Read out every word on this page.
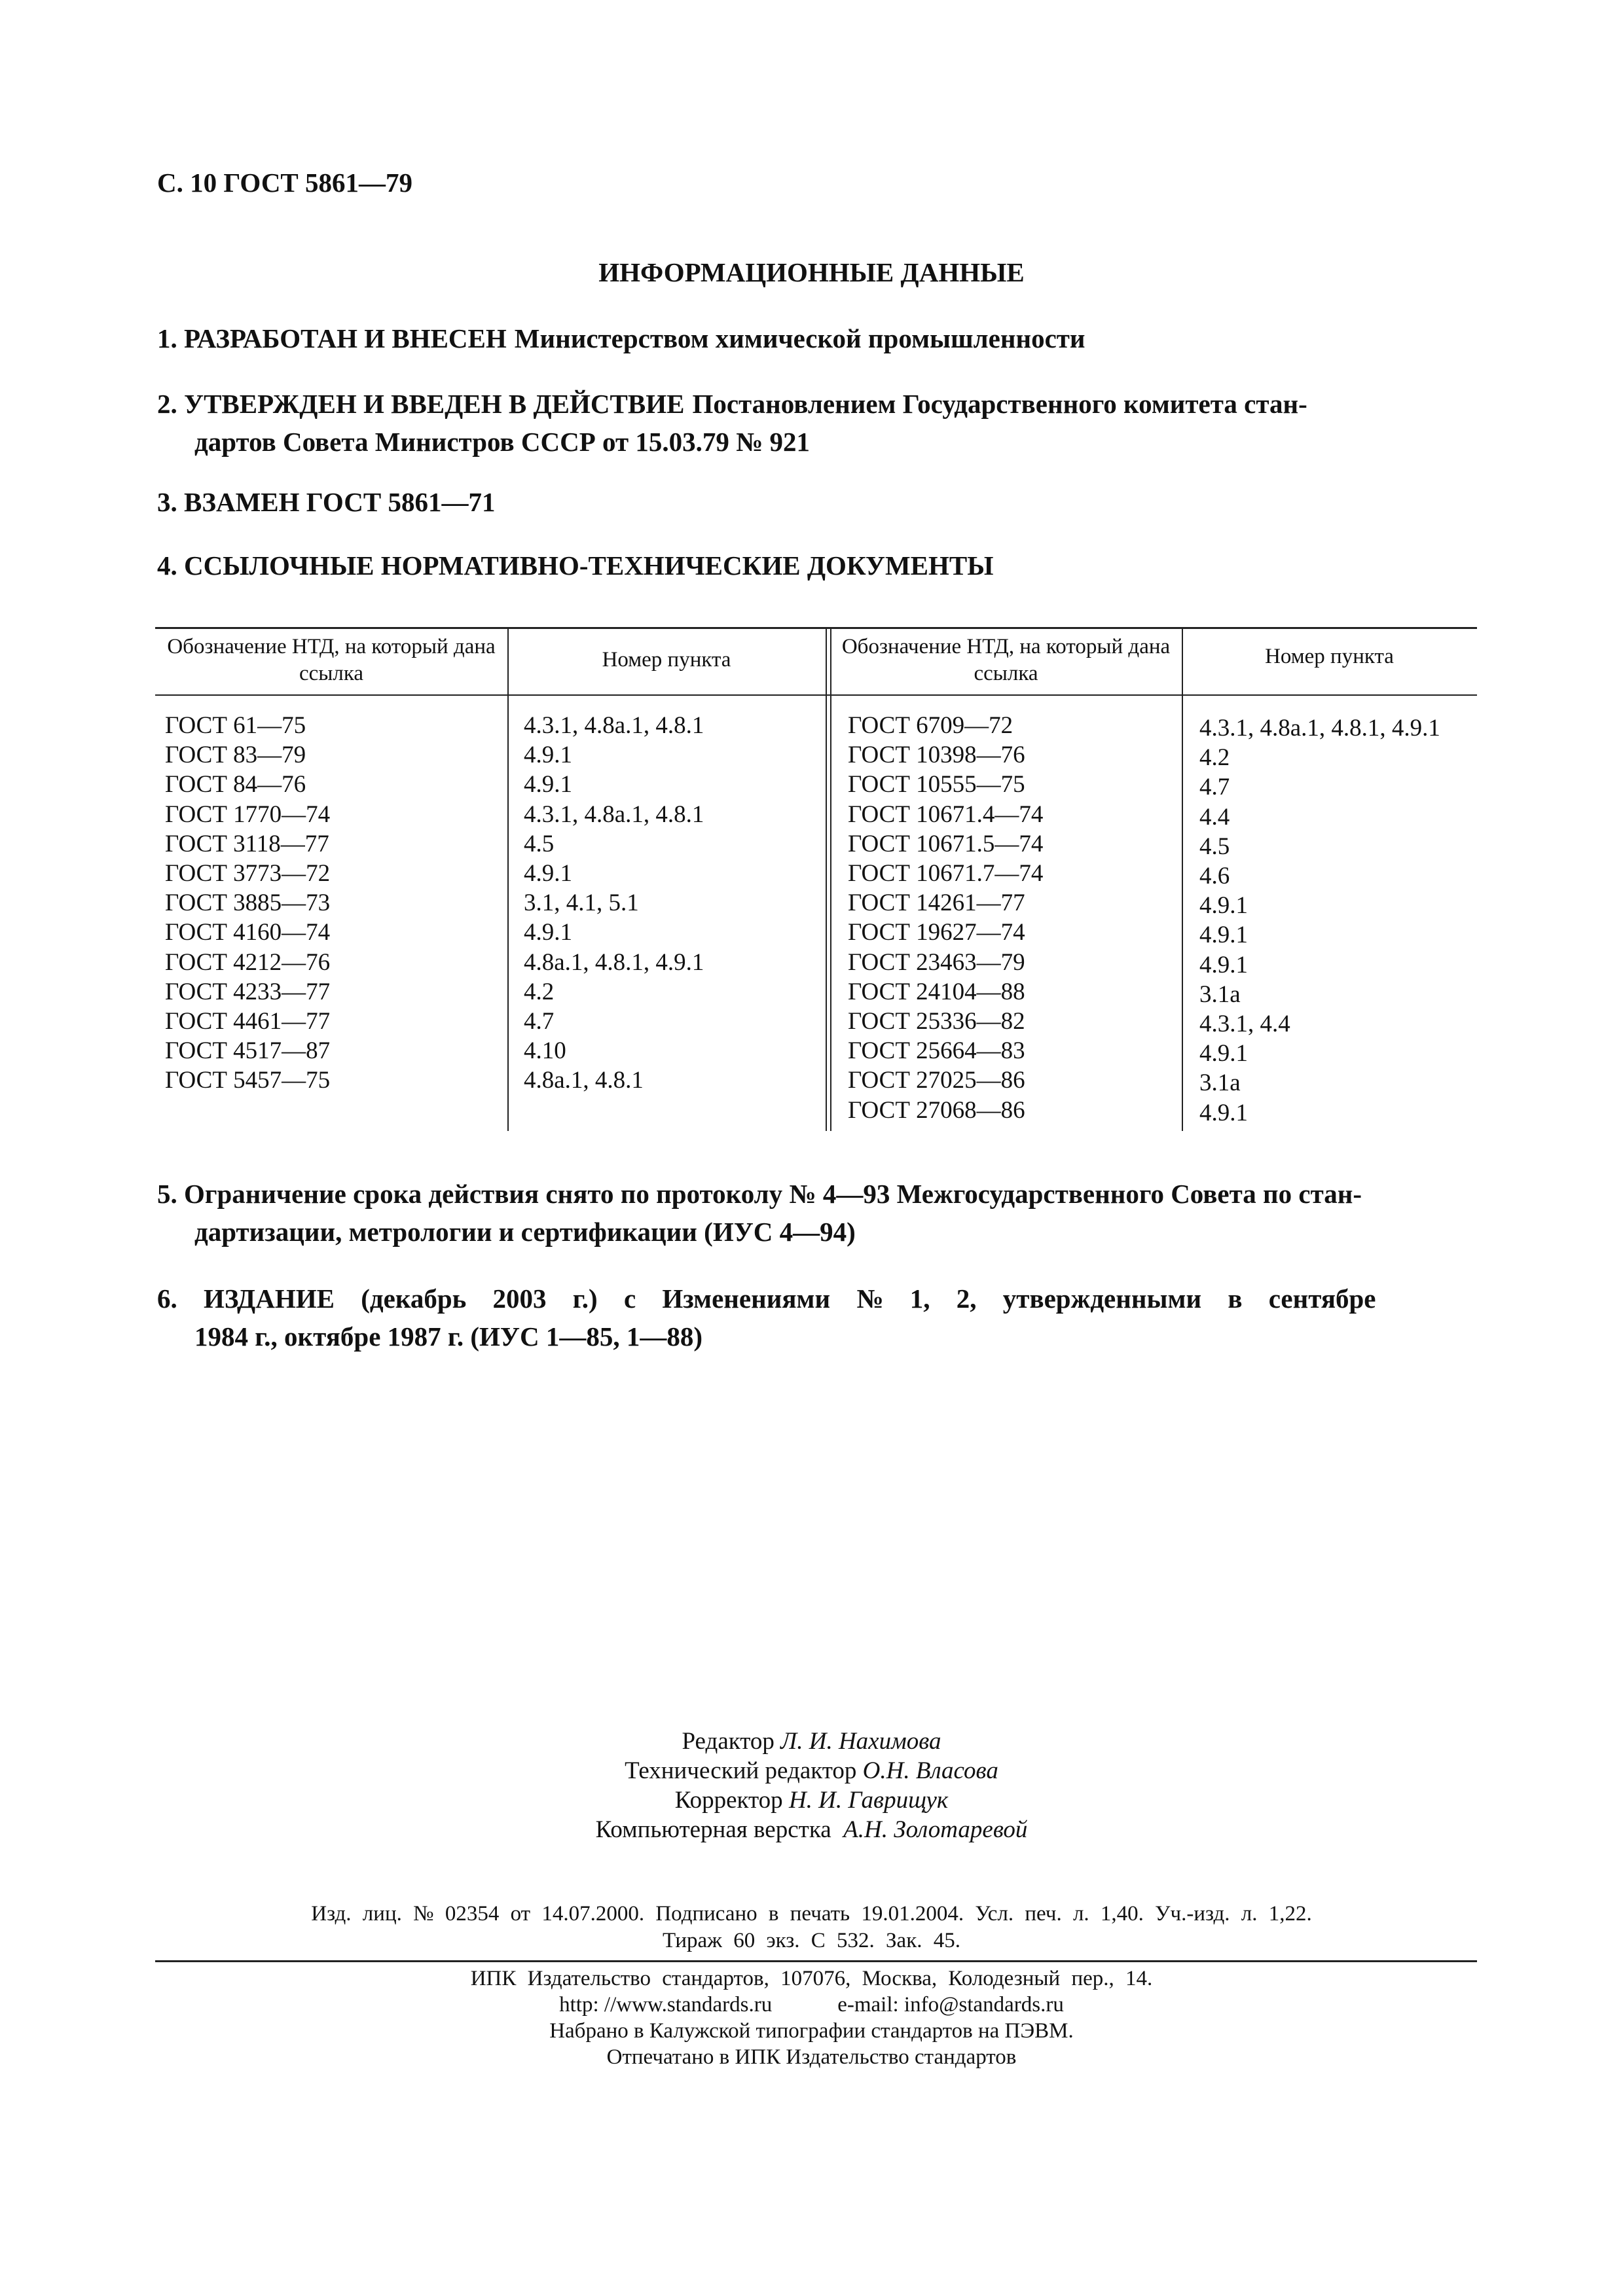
С. 10 ГОСТ 5861—79
ИНФОРМАЦИОННЫЕ ДАННЫЕ
1. РАЗРАБОТАН И ВНЕСЕН Министерством химической промышленности
2. УТВЕРЖДЕН И ВВЕДЕН В ДЕЙСТВИЕ Постановлением Государственного комитета стан-
дартов Совета Министров СССР от 15.03.79 № 921
3. ВЗАМЕН ГОСТ 5861—71
4. ССЫЛОЧНЫЕ НОРМАТИВНО-ТЕХНИЧЕСКИЕ ДОКУМЕНТЫ
Обозначение НТД, на который дана ссылка
Номер пункта
Обозначение НТД, на который дана ссылка
Номер пункта
ГОСТ 61—75
ГОСТ 83—79
ГОСТ 84—76
ГОСТ 1770—74
ГОСТ 3118—77
ГОСТ 3773—72
ГОСТ 3885—73
ГОСТ 4160—74
ГОСТ 4212—76
ГОСТ 4233—77
ГОСТ 4461—77
ГОСТ 4517—87
ГОСТ 5457—75
4.3.1, 4.8а.1, 4.8.1
4.9.1
4.9.1
4.3.1, 4.8а.1, 4.8.1
4.5
4.9.1
3.1, 4.1, 5.1
4.9.1
4.8а.1, 4.8.1, 4.9.1
4.2
4.7
4.10
4.8а.1, 4.8.1
ГОСТ 6709—72
ГОСТ 10398—76
ГОСТ 10555—75
ГОСТ 10671.4—74
ГОСТ 10671.5—74
ГОСТ 10671.7—74
ГОСТ 14261—77
ГОСТ 19627—74
ГОСТ 23463—79
ГОСТ 24104—88
ГОСТ 25336—82
ГОСТ 25664—83
ГОСТ 27025—86
ГОСТ 27068—86
4.3.1, 4.8а.1, 4.8.1, 4.9.1
4.2
4.7
4.4
4.5
4.6
4.9.1
4.9.1
4.9.1
3.1а
4.3.1, 4.4
4.9.1
3.1а
4.9.1
5. Ограничение срока действия снято по протоколу № 4—93 Межгосударственного Совета по стан-
дартизации, метрологии и сертификации (ИУС 4—94)
6. ИЗДАНИЕ (декабрь 2003 г.) с Изменениями № 1, 2, утвержденными в сентябре
1984 г., октябре 1987 г. (ИУС 1—85, 1—88)
Редактор Л. И. Нахимова
Технический редактор О.Н. Власова
Корректор Н. И. Гаврищук
Компьютерная верстка А.Н. Золотаревой
Изд. лиц. № 02354 от 14.07.2000. Подписано в печать 19.01.2004. Усл. печ. л. 1,40. Уч.-изд. л. 1,22.
Тираж 60 экз. С 532. Зак. 45.
ИПК Издательство стандартов, 107076, Москва, Колодезный пер., 14.
http: //www.standards.ru	e-mail: info@standards.ru
Набрано в Калужской типографии стандартов на ПЭВМ.
Отпечатано в ИПК Издательство стандартов
